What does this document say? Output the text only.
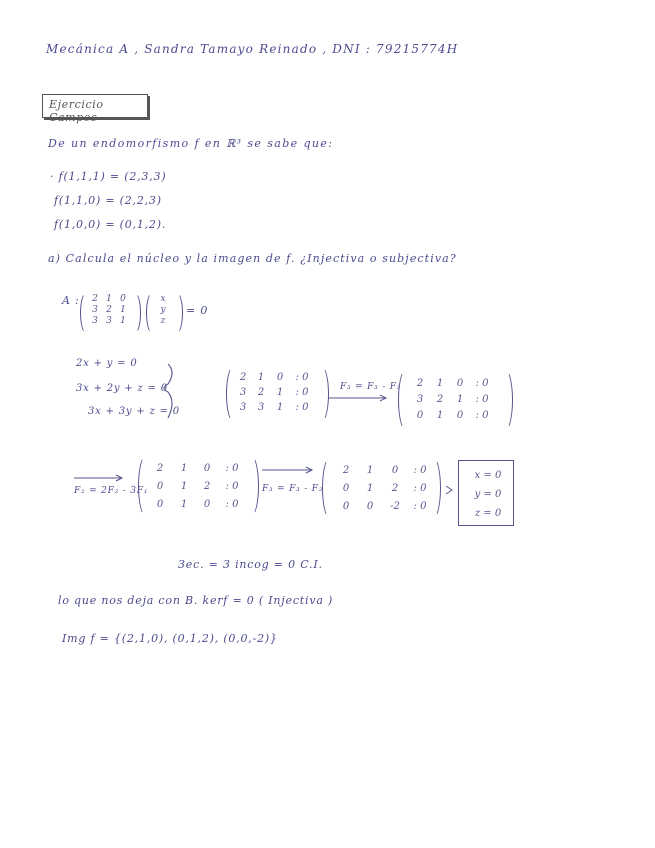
Mecánica A , Sandra Tamayo Reinado , DNI : 79215774H
Ejercicio Campos
De un endomorfismo f en ℝ³ se sabe que:
· f(1,1,1) = (2,3,3)
f(1,1,0) = (2,2,3)
f(1,0,0) = (0,1,2).
a) Calcula el núcleo y la imagen de f. ¿Injectiva o subjectiva?
A :	2 1 0
3 2 1
3 3 1
x
y
z
= 0
2x + y = 0
3x + 2y + z = 0
3x + 3y + z = 0
2	1	0	: 0
3	2	1	: 0
3	3	1	: 0
F₃ = F₃ - F₂	2	1	0	: 0
3	2	1	: 0
0	1	0	: 0
F₂ = 2F₂ - 3F₁
2	1	0	: 0
0	1	2	: 0
0	1	0	: 0
F₃ = F₃ - F₂
2	1	0	: 0
0	1	2	: 0
0	0	-2	: 0
x = 0
y = 0
z = 0
3ec. = 3 incog = 0 C.I.
lo que nos deja con B. kerf = 0 ( Injectiva )
Img f = {(2,1,0), (0,1,2), (0,0,-2)}
